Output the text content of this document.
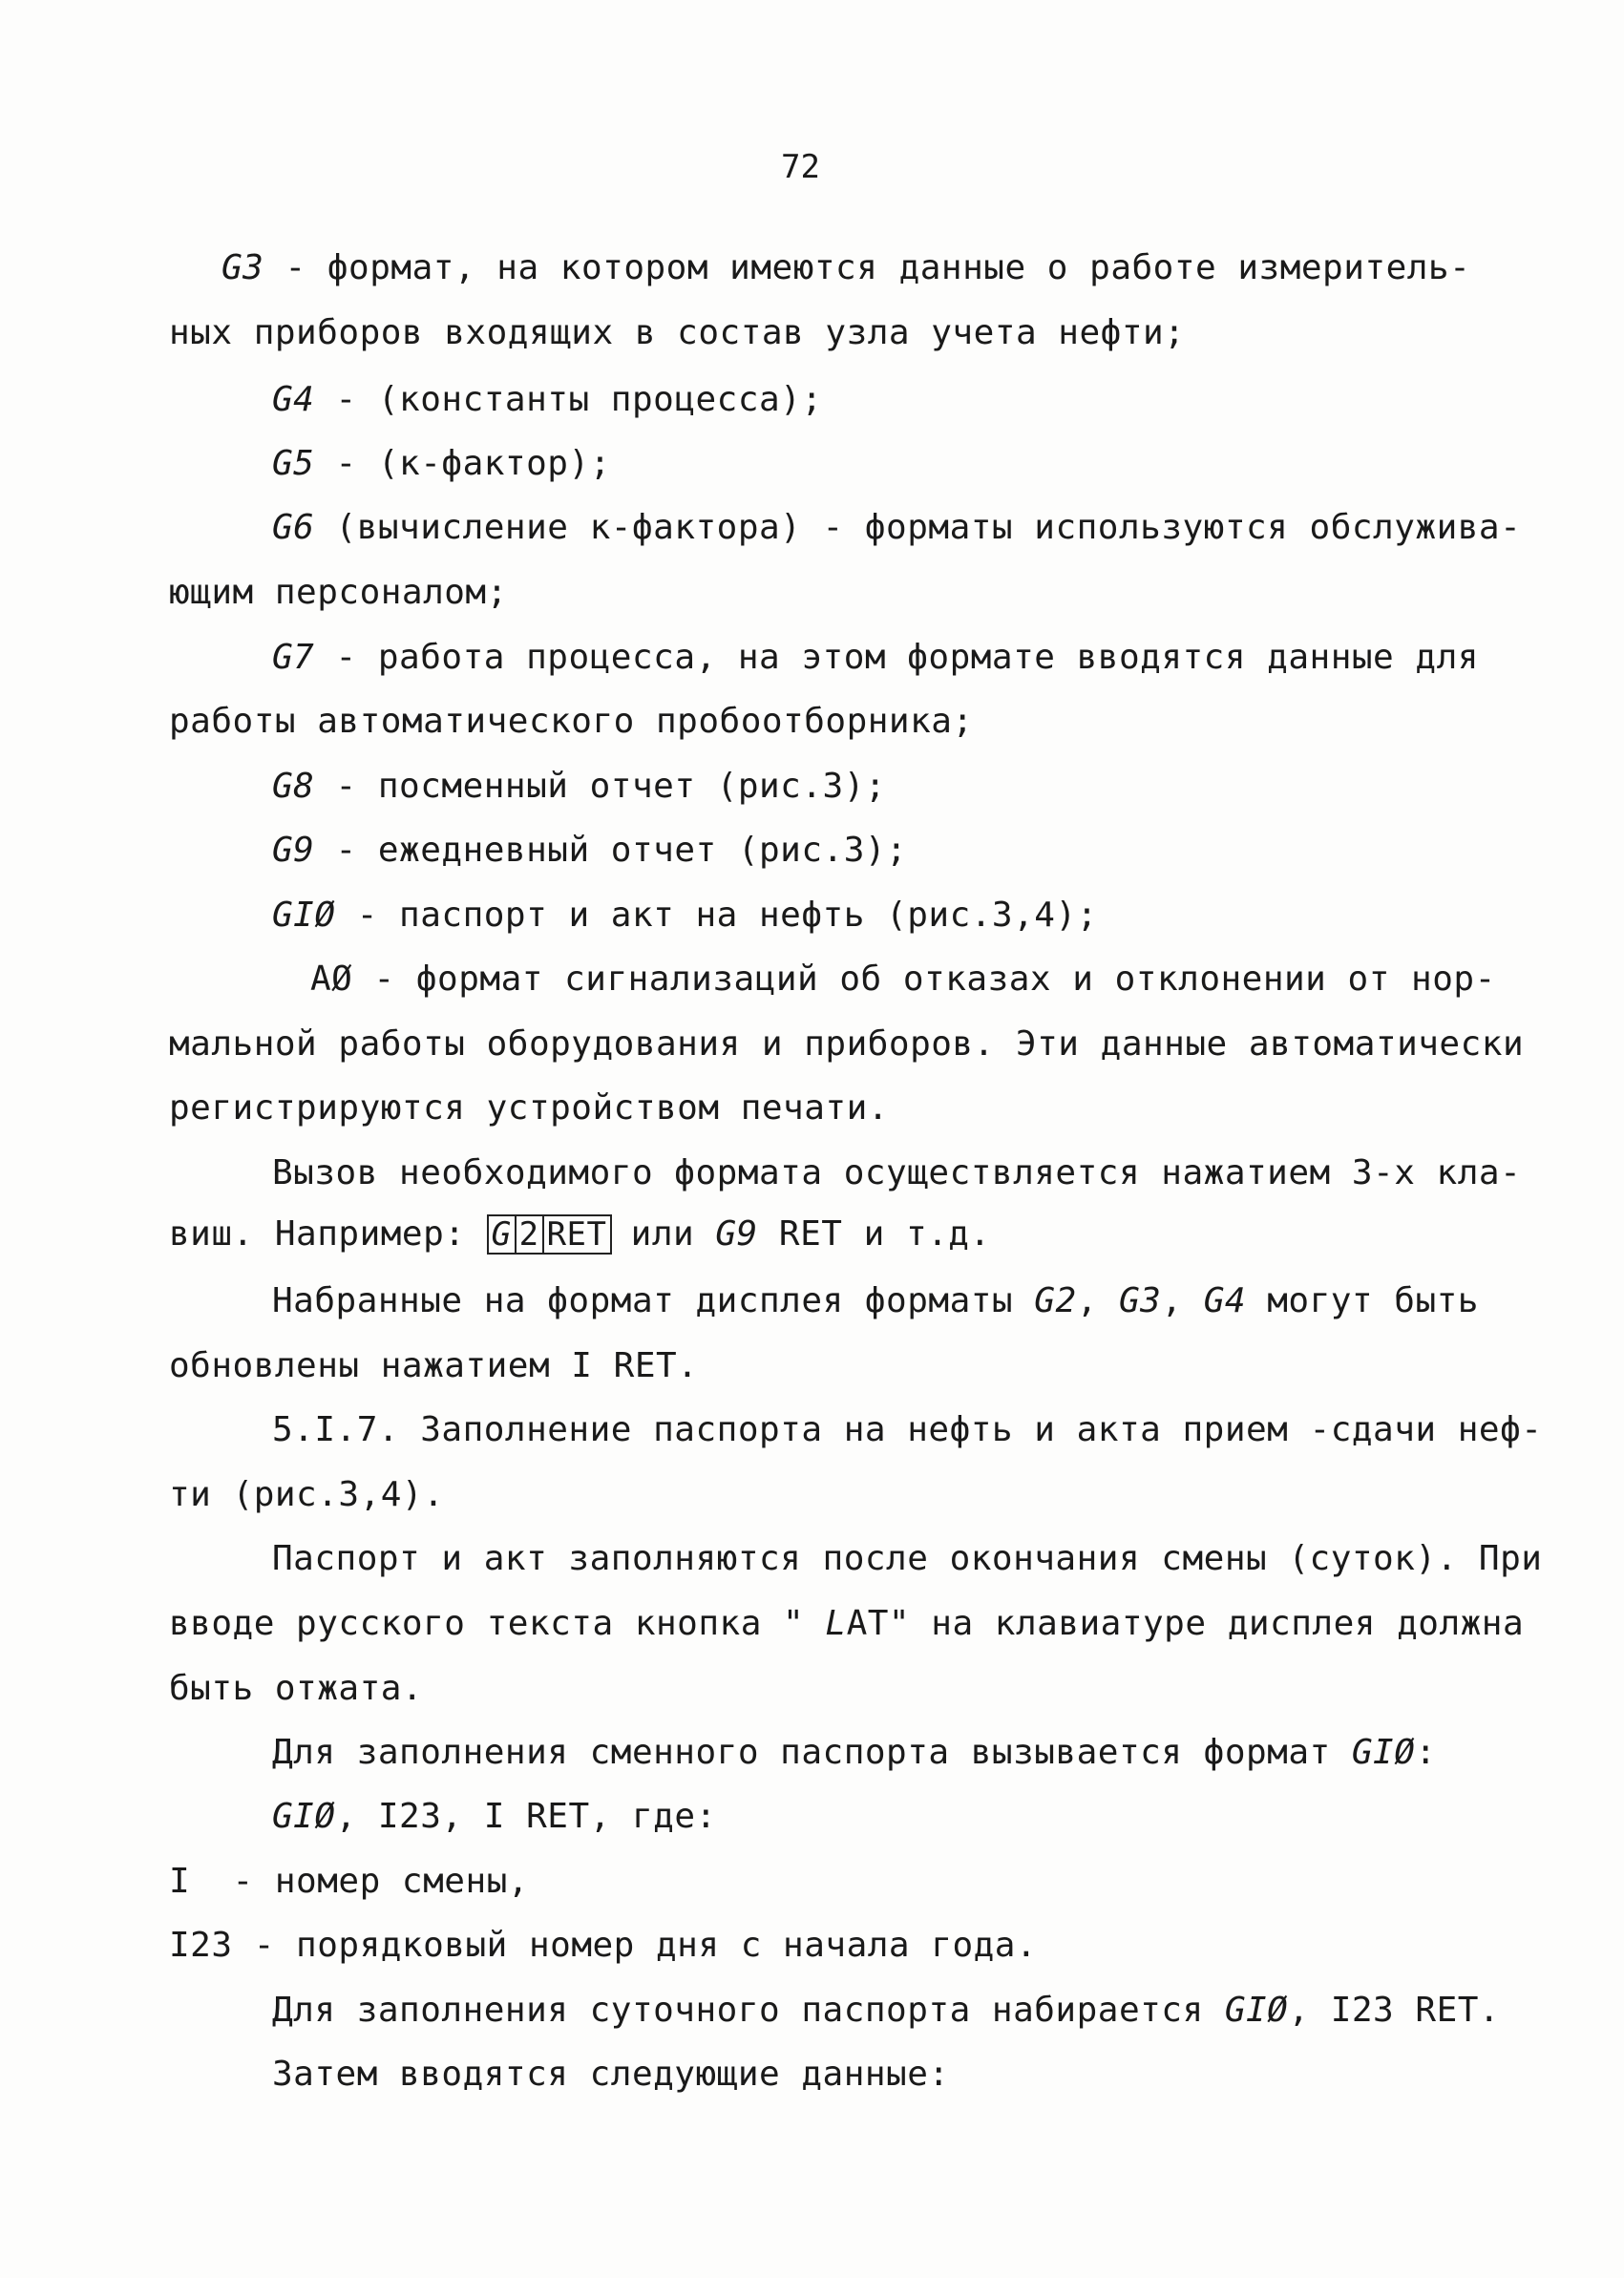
72
G3 - формат, на котором имеются данные о работе измеритель-
ных приборов входящих в состав узла учета нефти;
G4 - (константы процесса);
G5 - (к-фактор);
G6 (вычисление к-фактора) - форматы используются обслужива-
ющим персоналом;
G7 - работа процесса, на этом формате вводятся данные для
работы автоматического пробоотборника;
G8 - посменный отчет (рис.3);
G9 - ежедневный отчет (рис.3);
GIØ - паспорт и акт на нефть (рис.3,4);
AØ - формат сигнализаций об отказах и отклонении от нор-
мальной работы оборудования и приборов. Эти данные автоматически
регистрируются устройством печати.
Вызов необходимого формата осуществляется нажатием 3-х кла-
виш. Например: G 2 RET или G9 RET и т.д.
Набранные на формат дисплея форматы G2, G3, G4 могут быть
обновлены нажатием I RET.
5.I.7. Заполнение паспорта на нефть и акта прием -сдачи неф-
ти (рис.3,4).
Паспорт и акт заполняются после окончания смены (суток). При
вводе русского текста кнопка " LAT" на клавиатуре дисплея должна
быть отжата.
Для заполнения сменного паспорта вызывается формат GIØ:
GIØ, I23, I RET, где:
I  - номер смены,
I23 - порядковый номер дня с начала года.
Для заполнения суточного паспорта набирается GIØ, I23 RET.
Затем вводятся следующие данные:
